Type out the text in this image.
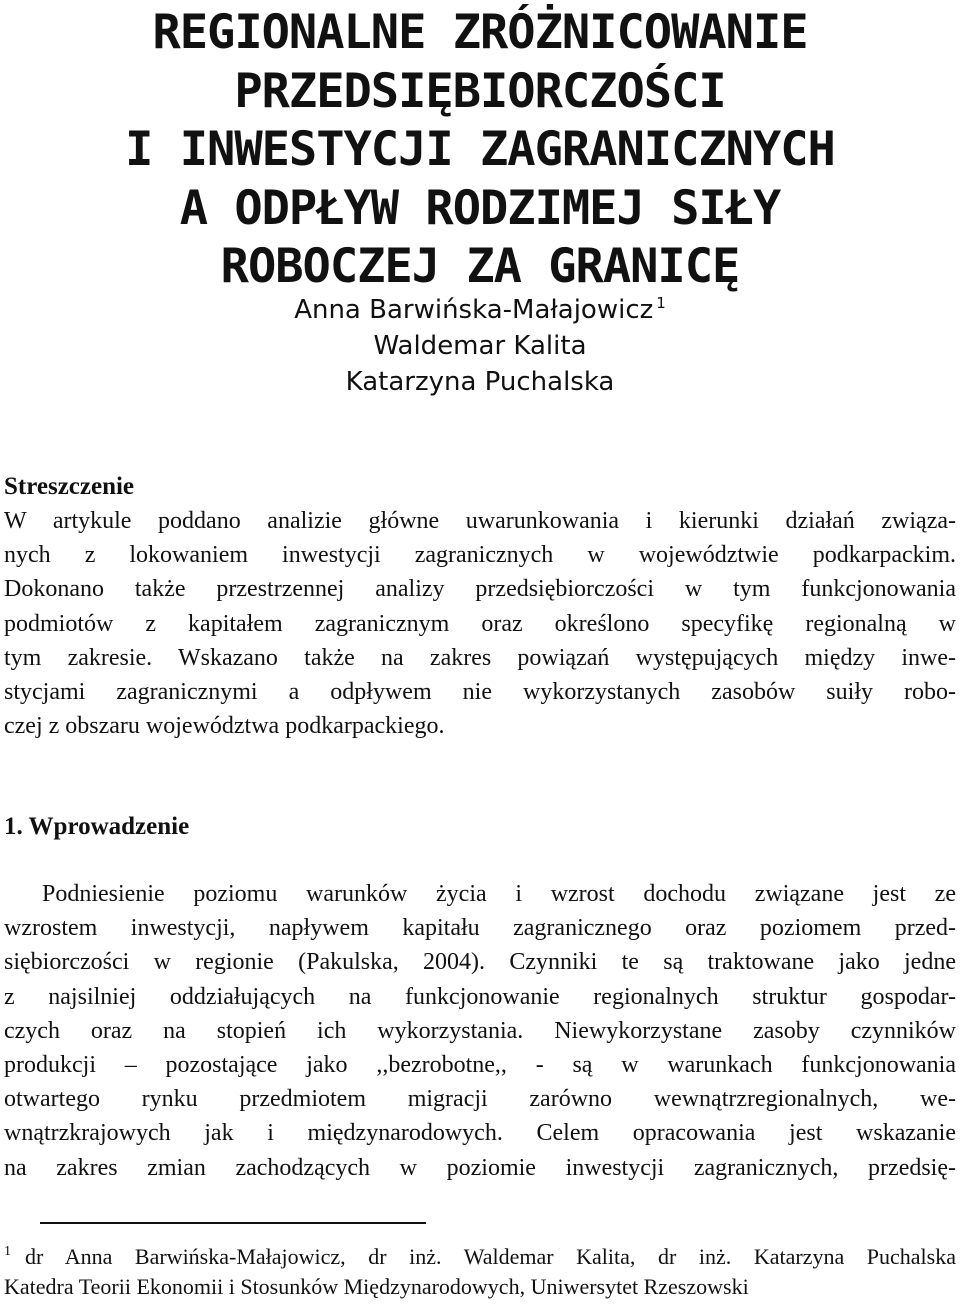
REGIONALNE ZRÓŻNICOWANIE
PRZEDSIĘBIORCZOŚCI
I INWESTYCJI ZAGRANICZNYCH
A ODPŁYW RODZIMEJ SIŁY
ROBOCZEJ ZA GRANICĘ
Anna Barwińska-Małajowicz $^1$
Waldemar Kalita
Katarzyna Puchalska
Streszczenie
W artykule poddano analizie główne uwarunkowania i kierunki działań związa-
nych z lokowaniem inwestycji zagranicznych w województwie podkarpackim.
Dokonano także przestrzennej analizy przedsiębiorczości w tym funkcjonowania
podmiotów z kapitałem zagranicznym oraz określono specyfikę regionalną w
tym zakresie. Wskazano także na zakres powiązań występujących między inwe-
stycjami zagranicznymi a odpływem nie wykorzystanych zasobów suiły robo-
czej z obszaru województwa podkarpackiego.
1. Wprowadzenie
Podniesienie poziomu warunków życia i wzrost dochodu związane jest ze
wzrostem inwestycji, napływem kapitału zagranicznego oraz poziomem przed-
siębiorczości w regionie (Pakulska, 2004). Czynniki te są traktowane jako jedne
z najsilniej oddziałujących na funkcjonowanie regionalnych struktur gospodar-
czych oraz na stopień ich wykorzystania. Niewykorzystane zasoby czynników
produkcji – pozostające jako ,,bezrobotne,, - są w warunkach funkcjonowania
otwartego rynku przedmiotem migracji zarówno wewnątrzregionalnych, we-
wnątrzkrajowych jak i międzynarodowych. Celem opracowania jest wskazanie
na zakres zmian zachodzących w poziomie inwestycji zagranicznych, przedsię-
$^1$ dr Anna Barwińska-Małajowicz, dr inż. Waldemar Kalita, dr inż. Katarzyna Puchalska
Katedra Teorii Ekonomii i Stosunków Międzynarodowych, Uniwersytet Rzeszowski
